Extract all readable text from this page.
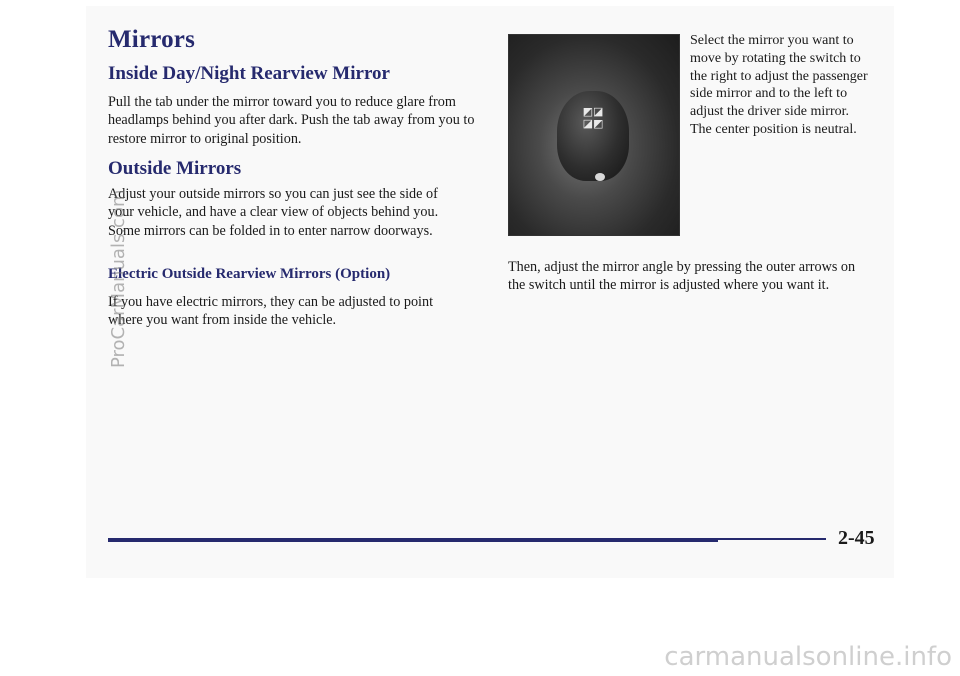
Mirrors
Inside Day/Night Rearview Mirror

Pull the tab under the mirror toward you to reduce glare from headlamps behind you after dark. Push the tab away from you to restore mirror to original position.

Outside Mirrors

Adjust your outside mirrors so you can just see the side of your vehicle, and have a clear view of objects behind you. Some mirrors can be folded in to enter narrow doorways.

Electric Outside Rearview Mirrors (Option)

If you have electric mirrors, they can be adjusted to point where you want from inside the vehicle.

◩◪
◪◩

Select the mirror you want to move by rotating the switch to the right to adjust the passenger side mirror and to the left to adjust the driver side mirror. The center position is neutral.

Then, adjust the mirror angle by pressing the outer arrows on the switch until the mirror is adjusted where you want it.

2-45

carmanualsonline.info
